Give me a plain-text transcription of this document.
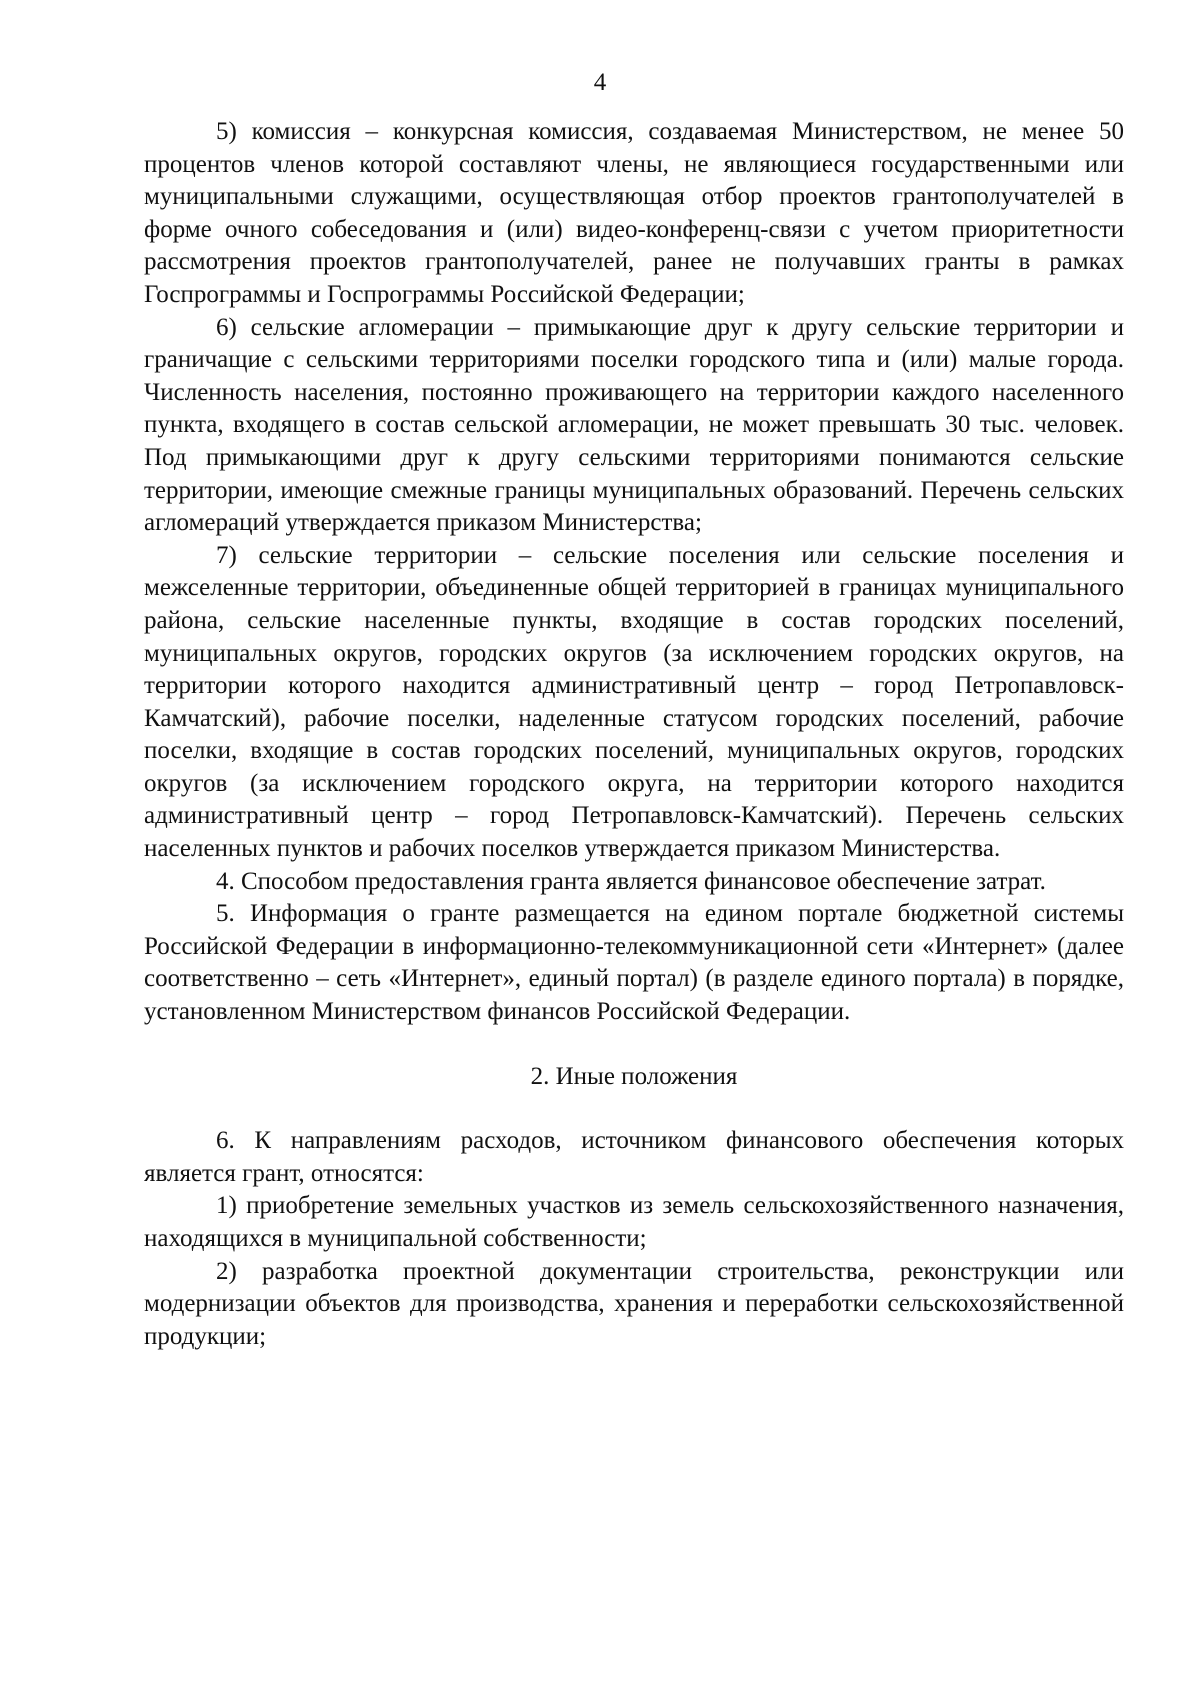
4

5) комиссия – конкурсная комиссия, создаваемая Министерством, не менее 50 процентов членов которой составляют члены, не являющиеся государственными или муниципальными служащими, осуществляющая отбор проектов грантополучателей в форме очного собеседования и (или) видео-конференц-связи с учетом приоритетности рассмотрения проектов грантополучателей, ранее не получавших гранты в рамках Госпрограммы и Госпрограммы Российской Федерации;

6) сельские агломерации – примыкающие друг к другу сельские территории и граничащие с сельскими территориями поселки городского типа и (или) малые города. Численность населения, постоянно проживающего на территории каждого населенного пункта, входящего в состав сельской агломерации, не может превышать 30 тыс. человек. Под примыкающими друг к другу сельскими территориями понимаются сельские территории, имеющие смежные границы муниципальных образований. Перечень сельских агломераций утверждается приказом Министерства;

7) сельские территории – сельские поселения или сельские поселения и межселенные территории, объединенные общей территорией в границах муниципального района, сельские населенные пункты, входящие в состав городских поселений, муниципальных округов, городских округов (за исключением городских округов, на территории которого находится административный центр – город Петропавловск-Камчатский), рабочие поселки, наделенные статусом городских поселений, рабочие поселки, входящие в состав городских поселений, муниципальных округов, городских округов (за исключением городского округа, на территории которого находится административный центр – город Петропавловск-Камчатский). Перечень сельских населенных пунктов и рабочих поселков утверждается приказом Министерства.

4. Способом предоставления гранта является финансовое обеспечение затрат.

5. Информация о гранте размещается на едином портале бюджетной системы Российской Федерации в информационно-телекоммуникационной сети «Интернет» (далее соответственно – сеть «Интернет», единый портал) (в разделе единого портала) в порядке, установленном Министерством финансов Российской Федерации.

2. Иные положения

6. К направлениям расходов, источником финансового обеспечения которых является грант, относятся:

1) приобретение земельных участков из земель сельскохозяйственного назначения, находящихся в муниципальной собственности;

2) разработка проектной документации строительства, реконструкции или модернизации объектов для производства, хранения и переработки сельскохозяйственной продукции;
